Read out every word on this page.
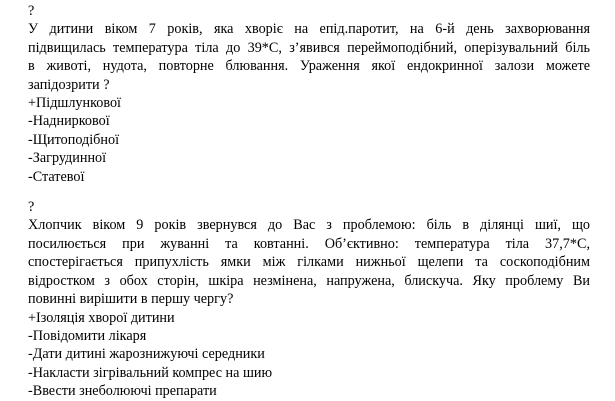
?
У дитини віком 7 років, яка хворіє на епід.паротит, на 6-й день захворювання
підвищилась температура тіла до 39*С, з’явився переймоподібний, оперізувальний біль
в животі, нудота, повторне блювання. Ураження якої ендокринної залози можете
запідозрити ?
+Підшлункової
-Надниркової
-Щитоподібної
-Загрудинної
-Статевої
?
Хлопчик віком 9 років звернувся до Вас з проблемою: біль в ділянці шиї, що
посилюється при жуванні та ковтанні. Об’єктивно: температура тіла 37,7*С,
спостерігається припухлість ямки між гілками нижньої щелепи та соскоподібним
відростком з обох сторін, шкіра незмінена, напружена, блискуча. Яку проблему Ви
повинні вирішити в першу чергу?
+Ізоляція хворої дитини
-Повідомити лікаря
-Дати дитині жарознижуючі середники
-Накласти зігрівальний компрес на шию
-Ввести знеболюючі препарати
